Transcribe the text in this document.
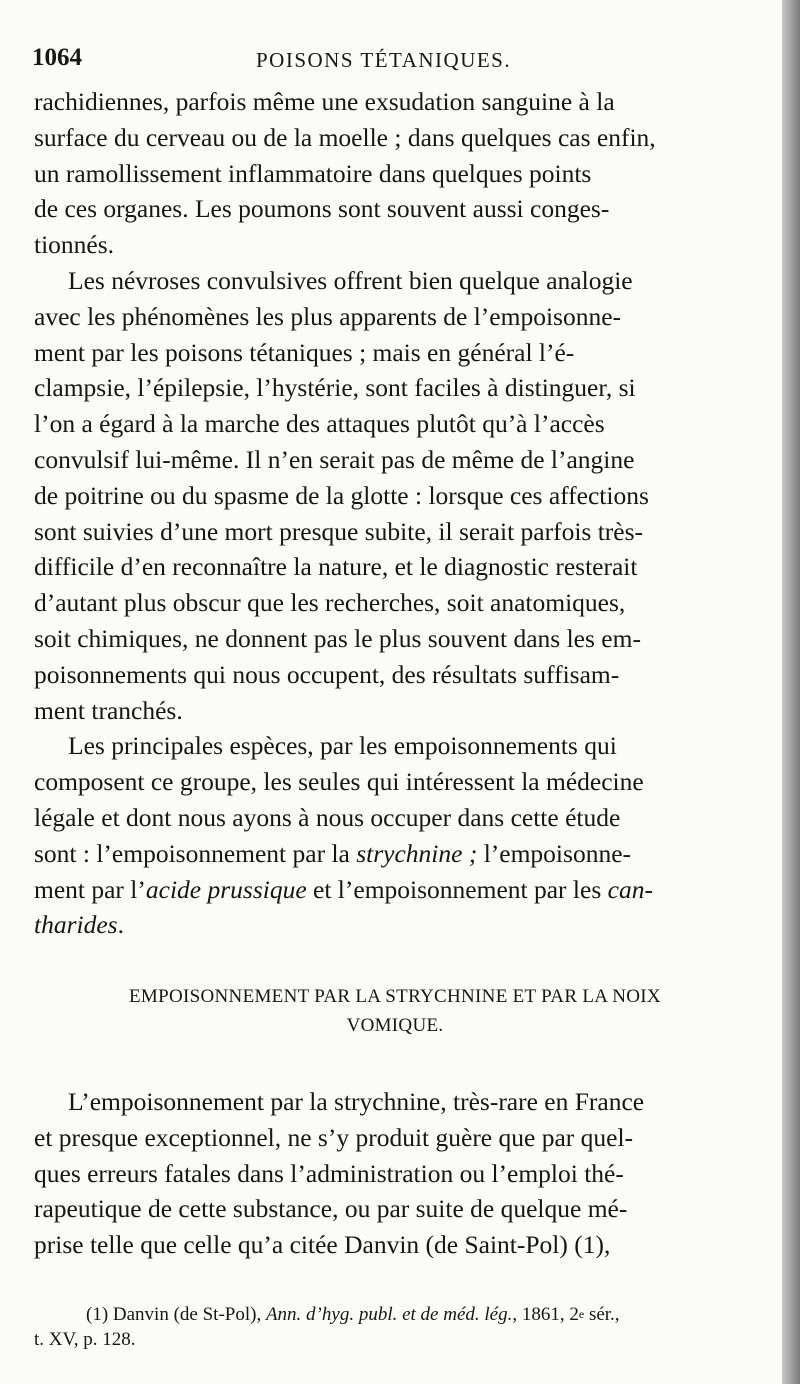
1064	POISONS TÉTANIQUES.
rachidiennes, parfois même une exsudation sanguine à la
surface du cerveau ou de la moelle ; dans quelques cas enfin,
un ramollissement inflammatoire dans quelques points
de ces organes. Les poumons sont souvent aussi conges-
tionnés.
Les névroses convulsives offrent bien quelque analogie
avec les phénomènes les plus apparents de l’empoisonne-
ment par les poisons tétaniques ; mais en général l’é-
clampsie, l’épilepsie, l’hystérie, sont faciles à distinguer, si
l’on a égard à la marche des attaques plutôt qu’à l’accès
convulsif lui-même. Il n’en serait pas de même de l’angine
de poitrine ou du spasme de la glotte : lorsque ces affections
sont suivies d’une mort presque subite, il serait parfois très-
difficile d’en reconnaître la nature, et le diagnostic resterait
d’autant plus obscur que les recherches, soit anatomiques,
soit chimiques, ne donnent pas le plus souvent dans les em-
poisonnements qui nous occupent, des résultats suffisam-
ment tranchés.
Les principales espèces, par les empoisonnements qui
composent ce groupe, les seules qui intéressent la médecine
légale et dont nous ayons à nous occuper dans cette étude
sont : l’empoisonnement par la strychnine ; l’empoisonne-
ment par l’ acide prussique et l’empoisonnement par les can-
tharides .
EMPOISONNEMENT PAR LA STRYCHNINE ET PAR LA NOIX
VOMIQUE.
L’empoisonnement par la strychnine, très-rare en France
et presque exceptionnel, ne s’y produit guère que par quel-
ques erreurs fatales dans l’administration ou l’emploi thé-
rapeutique de cette substance, ou par suite de quelque mé-
prise telle que celle qu’a citée Danvin (de Saint-Pol) (1),
(1) Danvin (de St-Pol), Ann. d’hyg. publ. et de méd. lég. , 1861, 2 e sér.,
t. XV, p. 128.
